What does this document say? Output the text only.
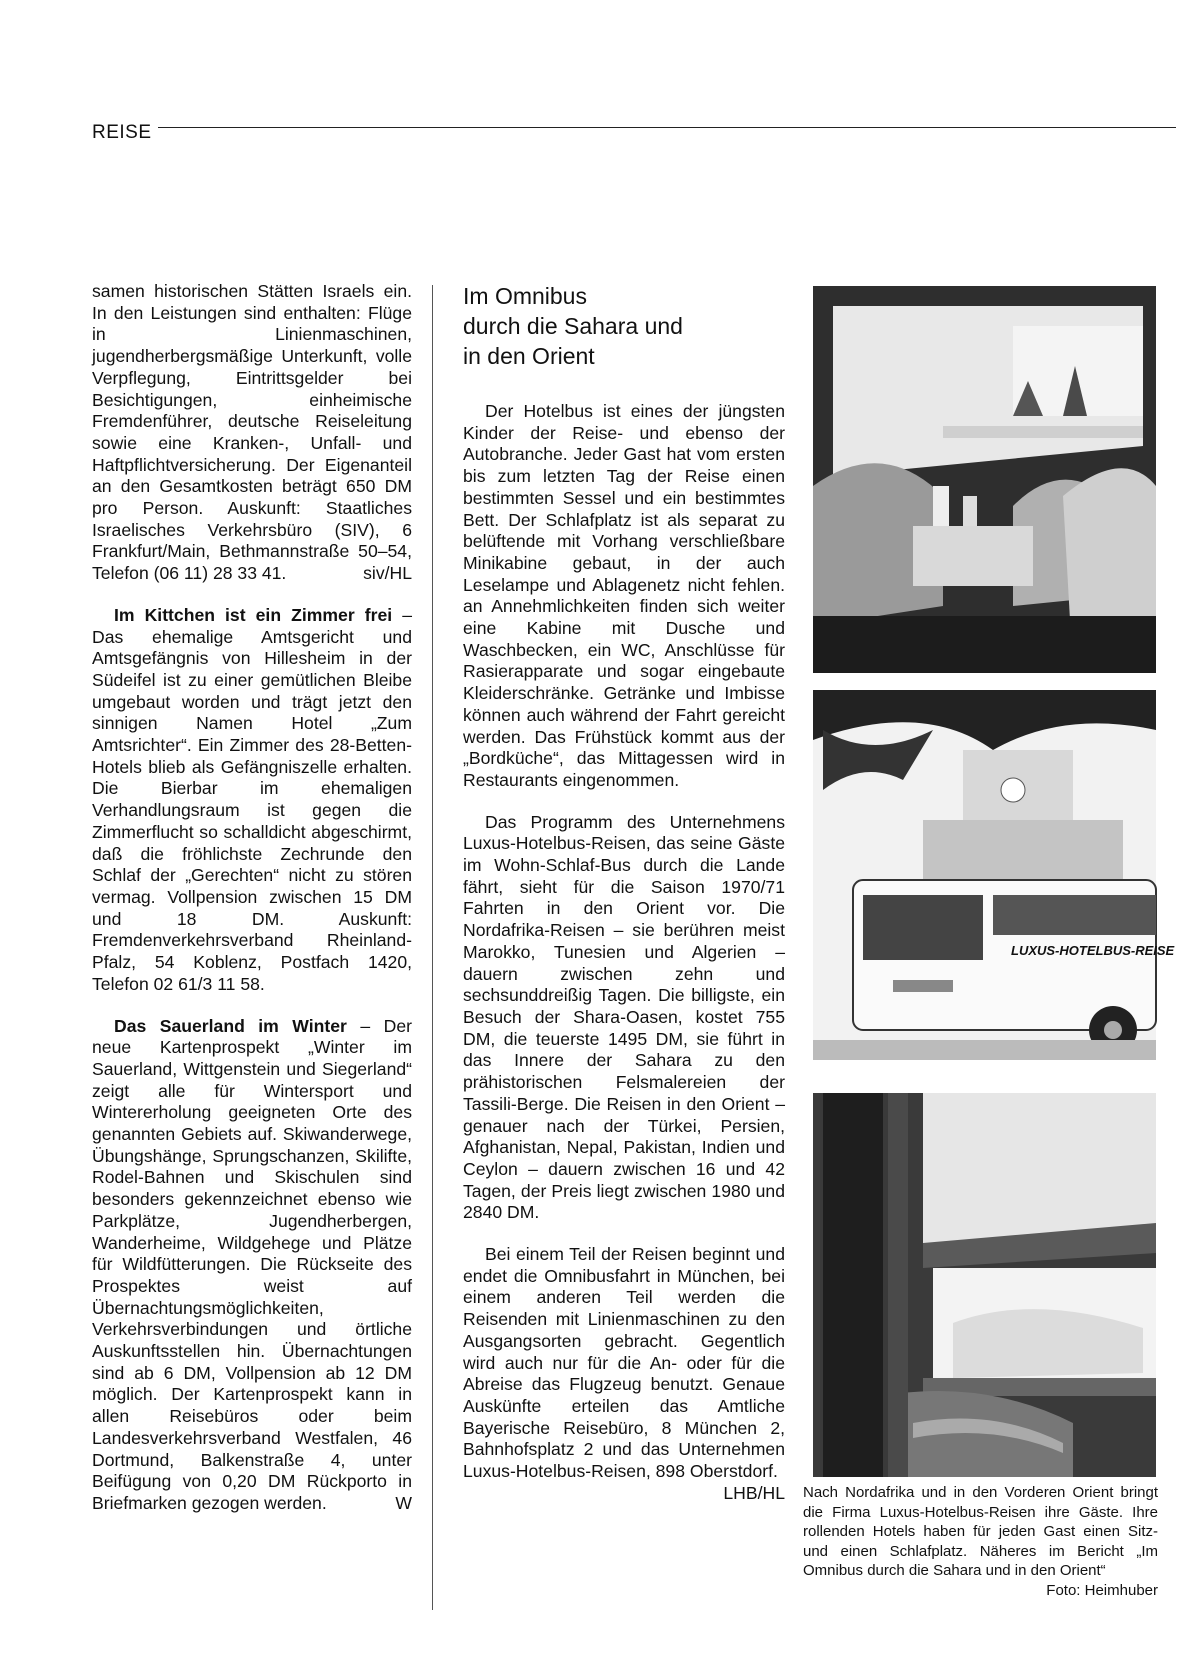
REISE

samen historischen Stätten Israels ein. In den Leistungen sind enthalten: Flüge in Linienmaschinen, jugendherbergsmäßige Unterkunft, volle Verpflegung, Eintrittsgelder bei Besichtigungen, einheimische Fremdenführer, deutsche Reiseleitung sowie eine Kranken-, Unfall- und Haftpflichtversicherung. Der Eigenanteil an den Gesamtkosten beträgt 650 DM pro Person. Auskunft: Staatliches Israelisches Verkehrsbüro (SIV), 6 Frankfurt/Main, Bethmannstraße 50–54, Telefon (06 11) 28 33 41.	siv/HL

Im Kittchen ist ein Zimmer frei – Das ehemalige Amtsgericht und Amtsgefängnis von Hillesheim in der Südeifel ist zu einer gemütlichen Bleibe umgebaut worden und trägt jetzt den sinnigen Namen Hotel „Zum Amtsrichter“. Ein Zimmer des 28-Betten-Hotels blieb als Gefängniszelle erhalten. Die Bierbar im ehemaligen Verhandlungsraum ist gegen die Zimmerflucht so schalldicht abgeschirmt, daß die fröhlichste Zechrunde den Schlaf der „Gerechten“ nicht zu stören vermag. Vollpension zwischen 15 DM und 18 DM. Auskunft: Fremdenverkehrsverband Rheinland-Pfalz, 54 Koblenz, Postfach 1420, Telefon 02 61/3 11 58.

Das Sauerland im Winter – Der neue Kartenprospekt „Winter im Sauerland, Wittgenstein und Siegerland“ zeigt alle für Wintersport und Wintererholung geeigneten Orte des genannten Gebiets auf. Skiwanderwege, Übungshänge, Sprungschanzen, Skilifte, Rodel-Bahnen und Skischulen sind besonders gekennzeichnet ebenso wie Parkplätze, Jugendherbergen, Wanderheime, Wildgehege und Plätze für Wildfütterungen. Die Rückseite des Prospektes weist auf Übernachtungsmöglichkeiten, Verkehrsverbindungen und örtliche Auskunftsstellen hin. Übernachtungen sind ab 6 DM, Vollpension ab 12 DM möglich. Der Kartenprospekt kann in allen Reisebüros oder beim Landesverkehrsverband Westfalen, 46 Dortmund, Balkenstraße 4, unter Beifügung von 0,20 DM Rückporto in Briefmarken gezogen werden.	W

Im Omnibus
durch die Sahara und
in den Orient

Der Hotelbus ist eines der jüngsten Kinder der Reise- und ebenso der Autobranche. Jeder Gast hat vom ersten bis zum letzten Tag der Reise einen bestimmten Sessel und ein bestimmtes Bett. Der Schlafplatz ist als separat zu belüftende mit Vorhang verschließbare Minikabine gebaut, in der auch Leselampe und Ablagenetz nicht fehlen. an Annehmlichkeiten finden sich weiter eine Kabine mit Dusche und Waschbecken, ein WC, Anschlüsse für Rasierapparate und sogar eingebaute Kleiderschränke. Getränke und Imbisse können auch während der Fahrt gereicht werden. Das Frühstück kommt aus der „Bordküche“, das Mittagessen wird in Restaurants eingenommen.

Das Programm des Unternehmens Luxus-Hotelbus-Reisen, das seine Gäste im Wohn-Schlaf-Bus durch die Lande fährt, sieht für die Saison 1970/71 Fahrten in den Orient vor. Die Nordafrika-Reisen – sie berühren meist Marokko, Tunesien und Algerien – dauern zwischen zehn und sechsunddreißig Tagen. Die billigste, ein Besuch der Shara-Oasen, kostet 755 DM, die teuerste 1495 DM, sie führt in das Innere der Sahara zu den prähistorischen Felsmalereien der Tassili-Berge. Die Reisen in den Orient – genauer nach der Türkei, Persien, Afghanistan, Nepal, Pakistan, Indien und Ceylon – dauern zwischen 16 und 42 Tagen, der Preis liegt zwischen 1980 und 2840 DM.

Bei einem Teil der Reisen beginnt und endet die Omnibusfahrt in München, bei einem anderen Teil werden die Reisenden mit Linienmaschinen zu den Ausgangsorten gebracht. Gegentlich wird auch nur für die An- oder für die Abreise das Flugzeug benutzt. Genaue Auskünfte erteilen das Amtliche Bayerische Reisebüro, 8 München 2, Bahnhofsplatz 2 und das Unternehmen Luxus-Hotelbus-Reisen, 898 Oberstdorf.
LHB/HL

LUXUS-HOTELBUS-REISE
Nach Nordafrika und in den Vorderen Orient bringt die Firma Luxus-Hotelbus-Reisen ihre Gäste. Ihre rollenden Hotels haben für jeden Gast einen Sitz- und einen Schlafplatz. Näheres im Bericht „Im Omnibus durch die Sahara und in den Orient“
Foto: Heimhuber
